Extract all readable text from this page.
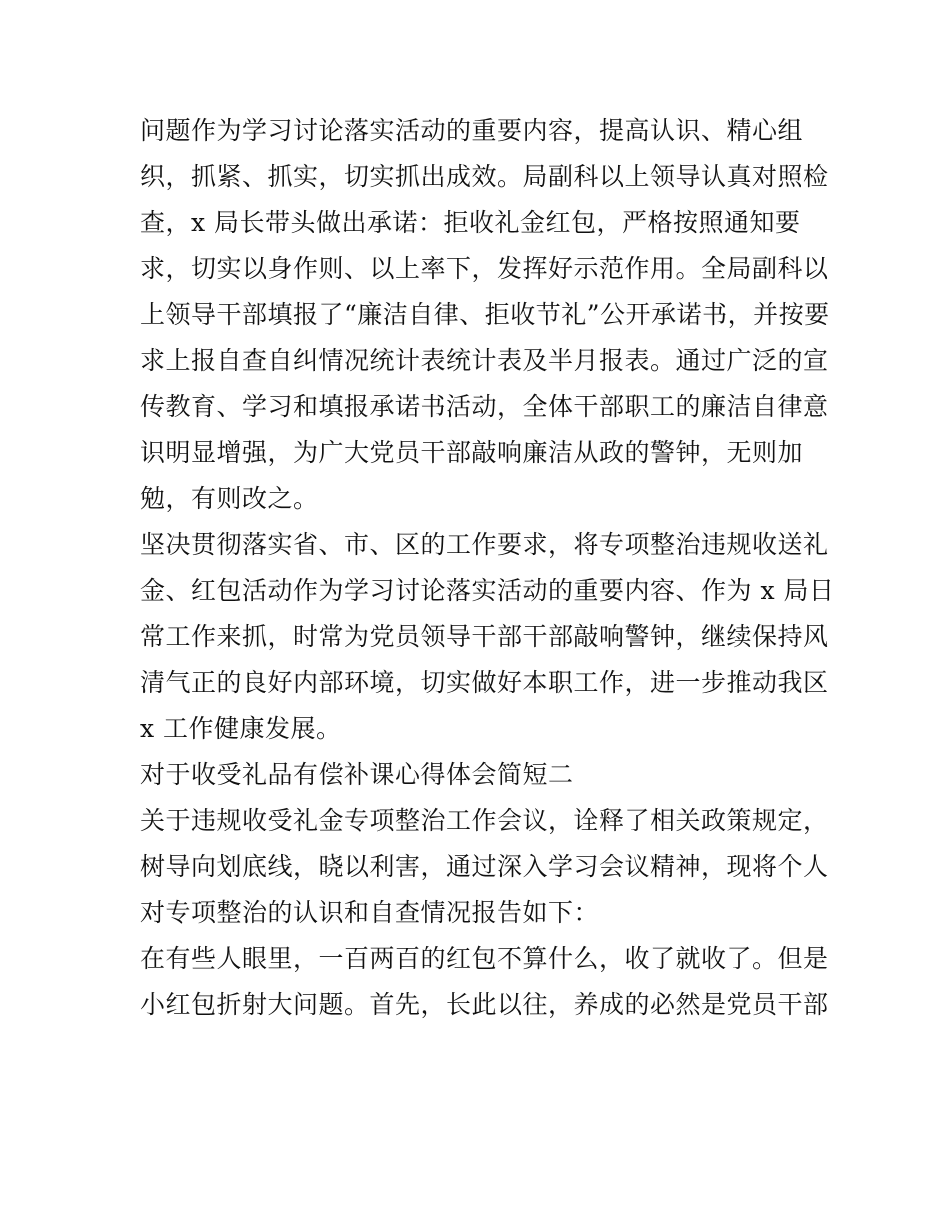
问题作为学习讨论落实活动的重要内容，提高认识、精心组
织，抓紧、抓实，切实抓出成效。局副科以上领导认真对照检
查，x 局长带头做出承诺：拒收礼金红包，严格按照通知要
求，切实以身作则、以上率下，发挥好示范作用。全局副科以
上领导干部填报了“廉洁自律、拒收节礼”公开承诺书，并按要
求上报自查自纠情况统计表统计表及半月报表。通过广泛的宣
传教育、学习和填报承诺书活动，全体干部职工的廉洁自律意
识明显增强，为广大党员干部敲响廉洁从政的警钟，无则加
勉，有则改之。
坚决贯彻落实省、市、区的工作要求，将专项整治违规收送礼
金、红包活动作为学习讨论落实活动的重要内容、作为 x 局日
常工作来抓，时常为党员领导干部干部敲响警钟，继续保持风
清气正的良好内部环境，切实做好本职工作，进一步推动我区
x 工作健康发展。
对于收受礼品有偿补课心得体会简短二
关于违规收受礼金专项整治工作会议，诠释了相关政策规定，
树导向划底线，晓以利害，通过深入学习会议精神，现将个人
对专项整治的认识和自查情况报告如下：
在有些人眼里，一百两百的红包不算什么，收了就收了。但是
小红包折射大问题。首先，长此以往，养成的必然是党员干部
